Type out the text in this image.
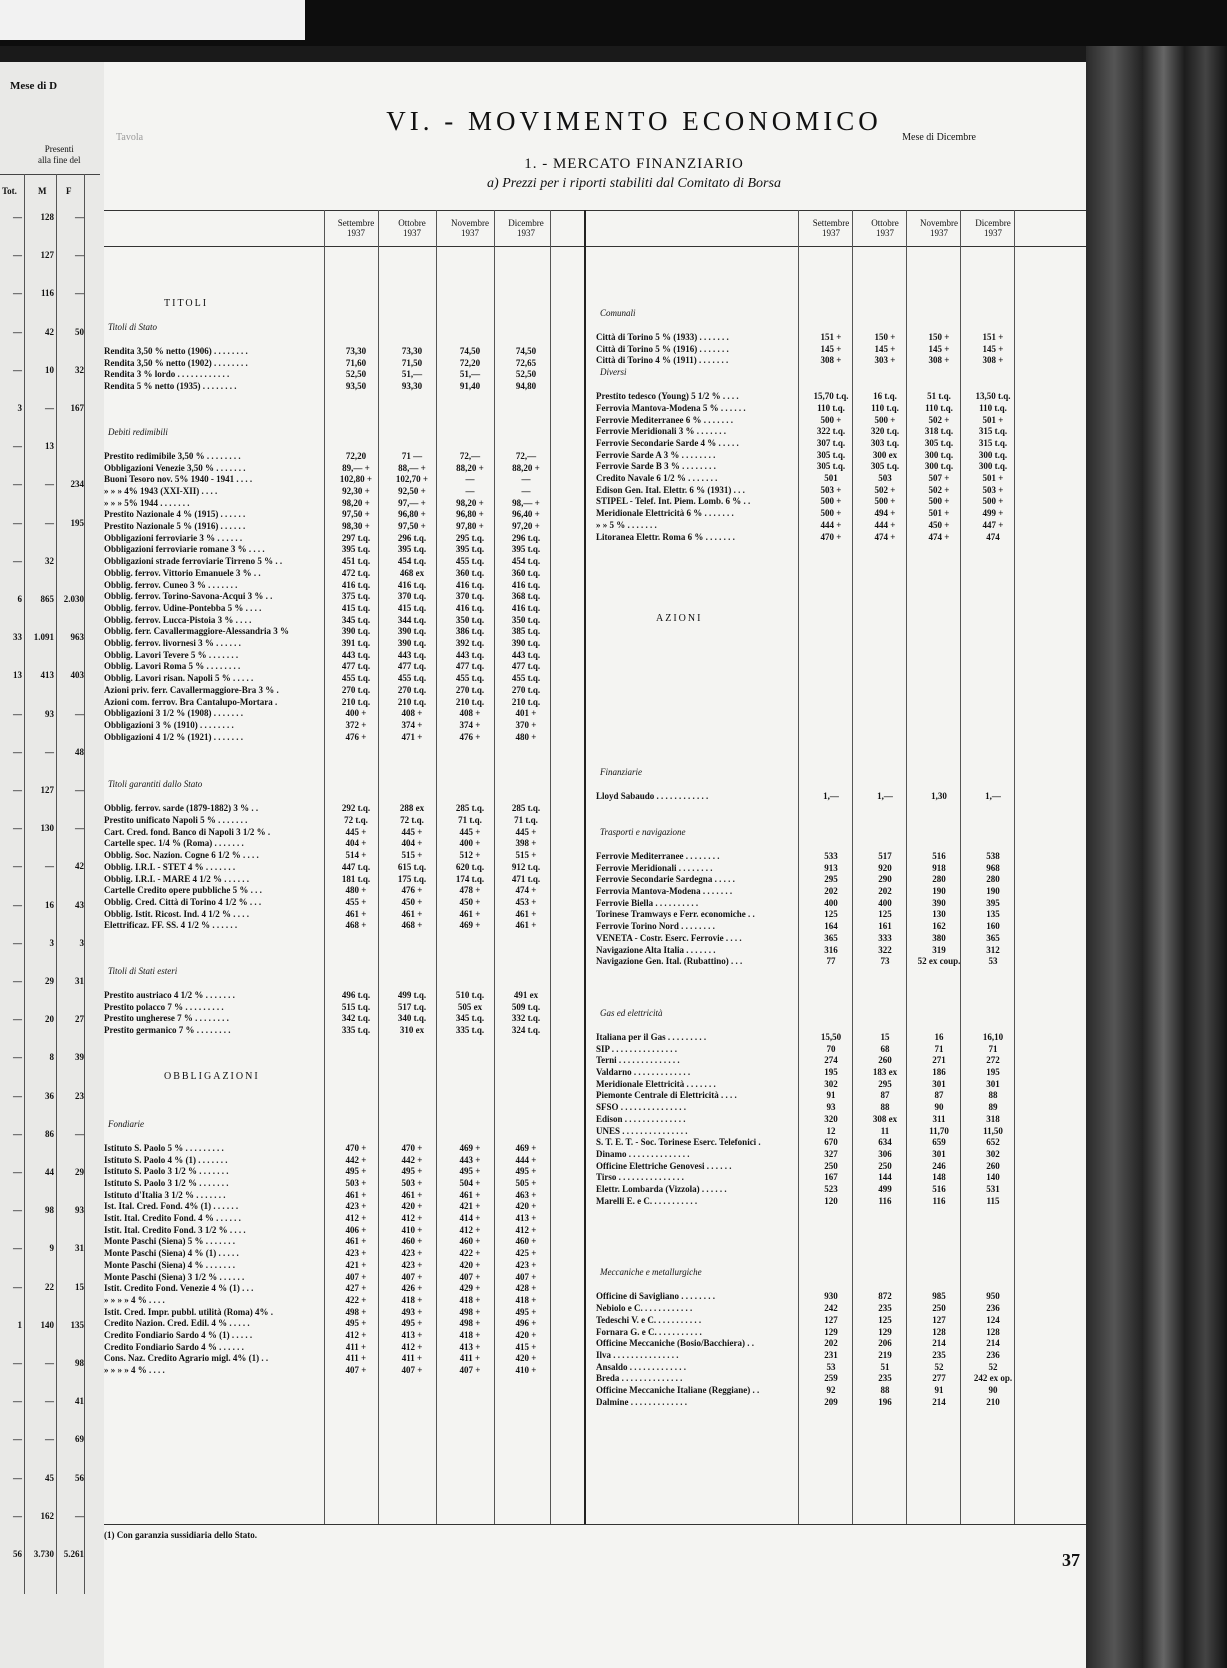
Mese di D
Presenti
alla fine del
Tot. M F
—	128	—
—	127	—
—	116	—
—	42	50
—	10	32
3	—	167
—	13
—	—	234
—	—	195
—	32
6	865	2.030
33	1.091	963
13	413	403
—	93	—
—	—	48
—	127	—
—	130	—
—	—	42
—	16	43
—	3	3
—	29	31
—	20	27
—	8	39
—	36	23
—	86	—
—	44	29
—	98	93
—	9	31
—	22	15
1	140	135
—	—	98
—	—	41
—	—	69
—	45	56
—	162	—
56	3.730	5.261
Tavola
VI. - MOVIMENTO ECONOMICO
Mese di Dicembre
1. - MERCATO FINANZIARIO
a) Prezzi per i riporti stabiliti dal Comitato di Borsa
Settembre
1937
Ottobre
1937
Novembre
1937
Dicembre
1937
Settembre
1937
Ottobre
1937
Novembre
1937
Dicembre
1937
TITOLI
Titoli di Stato
Rendita 3,50 % netto (1906) . . . . . . . .	73,30	73,30	74,50	74,50
Rendita 3,50 % netto (1902) . . . . . . . .	71,60	71,50	72,20	72,65
Rendita 3 % lordo . . . . . . . . . . . .	52,50	51,—	51,—	52,50
Rendita 5 % netto (1935) . . . . . . . .	93,50	93,30	91,40	94,80
Debiti redimibili
Prestito redimibile 3,50 % . . . . . . . .	72,20	71 —	72,—	72,—
Obbligazioni Venezie 3,50 % . . . . . . .	89,— +	88,— +	88,20 +	88,20 +
Buoni Tesoro nov. 5% 1940 - 1941 . . . .	102,80 +	102,70 +	—	—
» » » 4% 1943 (XXI-XII) . . . .	92,30 +	92,50 +	—	—
» » » 5% 1944 . . . . . . .	98,20 +	97,— +	98,20 +	98,— +
Prestito Nazionale 4 % (1915) . . . . . .	97,50 +	96,80 +	96,80 +	96,40 +
Prestito Nazionale 5 % (1916) . . . . . .	98,30 +	97,50 +	97,80 +	97,20 +
Obbligazioni ferroviarie 3 % . . . . . .	297 t.q.	296 t.q.	295 t.q.	296 t.q.
Obbligazioni ferroviarie romane 3 % . . . .	395 t.q.	395 t.q.	395 t.q.	395 t.q.
Obbligazioni strade ferroviarie Tirreno 5 % . .	451 t.q.	454 t.q.	455 t.q.	454 t.q.
Obblig. ferrov. Vittorio Emanuele 3 % . .	472 t.q.	468 ex	360 t.q.	360 t.q.
Obblig. ferrov. Cuneo 3 % . . . . . . .	416 t.q.	416 t.q.	416 t.q.	416 t.q.
Obblig. ferrov. Torino-Savona-Acqui 3 % . .	375 t.q.	370 t.q.	370 t.q.	368 t.q.
Obblig. ferrov. Udine-Pontebba 5 % . . . .	415 t.q.	415 t.q.	416 t.q.	416 t.q.
Obblig. ferrov. Lucca-Pistoia 3 % . . . .	345 t.q.	344 t.q.	350 t.q.	350 t.q.
Obblig. ferr. Cavallermaggiore-Alessandria 3 %	390 t.q.	390 t.q.	386 t.q.	385 t.q.
Obblig. ferrov. livornesi 3 % . . . . . .	391 t.q.	390 t.q.	392 t.q.	390 t.q.
Obblig. Lavori Tevere 5 % . . . . . . .	443 t.q.	443 t.q.	443 t.q.	443 t.q.
Obblig. Lavori Roma 5 % . . . . . . . .	477 t.q.	477 t.q.	477 t.q.	477 t.q.
Obblig. Lavori risan. Napoli 5 % . . . . .	455 t.q.	455 t.q.	455 t.q.	455 t.q.
Azioni priv. ferr. Cavallermaggiore-Bra 3 % .	270 t.q.	270 t.q.	270 t.q.	270 t.q.
Azioni com. ferrov. Bra Cantalupo-Mortara .	210 t.q.	210 t.q.	210 t.q.	210 t.q.
Obbligazioni 3 1/2 % (1908) . . . . . . .	400 +	408 +	408 +	401 +
Obbligazioni 3 % (1910) . . . . . . . .	372 +	374 +	374 +	370 +
Obbligazioni 4 1/2 % (1921) . . . . . . .	476 +	471 +	476 +	480 +
Titoli garantiti dallo Stato
Obblig. ferrov. sarde (1879-1882) 3 % . .	292 t.q.	288 ex	285 t.q.	285 t.q.
Prestito unificato Napoli 5 % . . . . . . .	72 t.q.	72 t.q.	71 t.q.	71 t.q.
Cart. Cred. fond. Banco di Napoli 3 1/2 % .	445 +	445 +	445 +	445 +
Cartelle spec. 1/4 % (Roma) . . . . . . .	404 +	404 +	400 +	398 +
Obblig. Soc. Nazion. Cogne 6 1/2 % . . . .	514 +	515 +	512 +	515 +
Obblig. I.R.I. - STET 4 % . . . . . . .	447 t.q.	615 t.q.	620 t.q.	912 t.q.
Obblig. I.R.I. - MARE 4 1/2 % . . . . . .	181 t.q.	175 t.q.	174 t.q.	471 t.q.
Cartelle Credito opere pubbliche 5 % . . .	480 +	476 +	478 +	474 +
Obblig. Cred. Città di Torino 4 1/2 % . . .	455 +	450 +	450 +	453 +
Obblig. Istit. Ricost. Ind. 4 1/2 % . . . .	461 +	461 +	461 +	461 +
Elettrificaz. FF. SS. 4 1/2 % . . . . . .	468 +	468 +	469 +	461 +
Titoli di Stati esteri
Prestito austriaco 4 1/2 % . . . . . . .	496 t.q.	499 t.q.	510 t.q.	491 ex
Prestito polacco 7 % . . . . . . . . .	515 t.q.	517 t.q.	505 ex	509 t.q.
Prestito ungherese 7 % . . . . . . . .	342 t.q.	340 t.q.	345 t.q.	332 t.q.
Prestito germanico 7 % . . . . . . . .	335 t.q.	310 ex	335 t.q.	324 t.q.
OBBLIGAZIONI
Fondiarie
Istituto S. Paolo 5 % . . . . . . . . .	470 +	470 +	469 +	469 +
Istituto S. Paolo 4 % (1) . . . . . . .	442 +	442 +	443 +	444 +
Istituto S. Paolo 3 1/2 % . . . . . . .	495 +	495 +	495 +	495 +
Istituto S. Paolo 3 1/2 % . . . . . . .	503 +	503 +	504 +	505 +
Istituto d'Italia 3 1/2 % . . . . . . .	461 +	461 +	461 +	463 +
Ist. Ital. Cred. Fond. 4% (1) . . . . . .	423 +	420 +	421 +	420 +
Istit. Ital. Credito Fond. 4 % . . . . . .	412 +	412 +	414 +	413 +
Istit. Ital. Credito Fond. 3 1/2 % . . . .	406 +	410 +	412 +	412 +
Monte Paschi (Siena) 5 % . . . . . . .	461 +	460 +	460 +	460 +
Monte Paschi (Siena) 4 % (1) . . . . .	423 +	423 +	422 +	425 +
Monte Paschi (Siena) 4 % . . . . . . .	421 +	423 +	420 +	423 +
Monte Paschi (Siena) 3 1/2 % . . . . . .	407 +	407 +	407 +	407 +
Istit. Credito Fond. Venezie 4 % (1) . . .	427 +	426 +	429 +	428 +
» » » » 4 % . . . .	422 +	418 +	418 +	418 +
Istit. Cred. Impr. pubbl. utilità (Roma) 4% .	498 +	493 +	498 +	495 +
Credito Nazion. Cred. Edil. 4 % . . . . .	495 +	495 +	498 +	496 +
Credito Fondiario Sardo 4 % (1) . . . . .	412 +	413 +	418 +	420 +
Credito Fondiario Sardo 4 % . . . . . .	411 +	412 +	413 +	415 +
Cons. Naz. Credito Agrario migl. 4% (1) . .	411 +	411 +	411 +	420 +
» » » » 4 % . . . .	407 +	407 +	407 +	410 +
Comunali
Città di Torino 5 % (1933) . . . . . . .	151 +	150 +	150 +	151 +
Città di Torino 5 % (1916) . . . . . . .	145 +	145 +	145 +	145 +
Città di Torino 4 % (1911) . . . . . . .	308 +	303 +	308 +	308 +
Diversi
Prestito tedesco (Young) 5 1/2 % . . . .	15,70 t.q.	16 t.q.	51 t.q.	13,50 t.q.
Ferrovia Mantova-Modena 5 % . . . . . .	110 t.q.	110 t.q.	110 t.q.	110 t.q.
Ferrovie Mediterranee 6 % . . . . . . .	500 +	500 +	502 +	501 +
Ferrovie Meridionali 3 % . . . . . . .	322 t.q.	320 t.q.	318 t.q.	315 t.q.
Ferrovie Secondarie Sarde 4 % . . . . .	307 t.q.	303 t.q.	305 t.q.	315 t.q.
Ferrovie Sarde A 3 % . . . . . . . .	305 t.q.	300 ex	300 t.q.	300 t.q.
Ferrovie Sarde B 3 % . . . . . . . .	305 t.q.	305 t.q.	300 t.q.	300 t.q.
Credito Navale 6 1/2 % . . . . . . .	501	503	507 +	501 +
Edison Gen. Ital. Elettr. 6 % (1931) . . .	503 +	502 +	502 +	503 +
STIPEL - Telef. Int. Piem. Lomb. 6 % . .	500 +	500 +	500 +	500 +
Meridionale Elettricità 6 % . . . . . . .	500 +	494 +	501 +	499 +
» » 5 % . . . . . . .	444 +	444 +	450 +	447 +
Litoranea Elettr. Roma 6 % . . . . . . .	470 +	474 +	474 +	474
AZIONI
Finanziarie
Lloyd Sabaudo . . . . . . . . . . . .	1,—	1,—	1,30	1,—
Trasporti e navigazione
Ferrovie Mediterranee . . . . . . . .	533	517	516	538
Ferrovie Meridionali . . . . . . . .	913	920	918	968
Ferrovie Secondarie Sardegna . . . . .	295	290	280	280
Ferrovia Mantova-Modena . . . . . . .	202	202	190	190
Ferrovie Biella . . . . . . . . . .	400	400	390	395
Torinese Tramways e Ferr. economiche . .	125	125	130	135
Ferrovie Torino Nord . . . . . . . .	164	161	162	160
VENETA - Costr. Eserc. Ferrovie . . . .	365	333	380	365
Navigazione Alta Italia . . . . . . .	316	322	319	312
Navigazione Gen. Ital. (Rubattino) . . .	77	73	52 ex coup.	53
Gas ed elettricità
Italiana per il Gas . . . . . . . . .	15,50	15	16	16,10
SIP . . . . . . . . . . . . . . .	70	68	71	71
Terni . . . . . . . . . . . . . .	274	260	271	272
Valdarno . . . . . . . . . . . . .	195	183 ex	186	195
Meridionale Elettricità . . . . . . .	302	295	301	301
Piemonte Centrale di Elettricità . . . .	91	87	87	88
SFSO . . . . . . . . . . . . . . .	93	88	90	89
Edison . . . . . . . . . . . . . .	320	308 ex	311	318
UNES . . . . . . . . . . . . . . .	12	11	11,70	11,50
S. T. E. T. - Soc. Torinese Eserc. Telefonici .	670	634	659	652
Dinamo . . . . . . . . . . . . . .	327	306	301	302
Officine Elettriche Genovesi . . . . . .	250	250	246	260
Tirso . . . . . . . . . . . . . . .	167	144	148	140
Elettr. Lombarda (Vizzola) . . . . . .	523	499	516	531
Marelli E. e C. . . . . . . . . . .	120	116	116	115
Meccaniche e metallurgiche
Officine di Savigliano . . . . . . . .	930	872	985	950
Nebiolo e C. . . . . . . . . . . .	242	235	250	236
Tedeschi V. e C. . . . . . . . . . .	127	125	127	124
Fornara G. e C. . . . . . . . . . .	129	129	128	128
Officine Meccaniche (Bosio/Bacchiera) . .	202	206	214	214
Ilva . . . . . . . . . . . . . . .	231	219	235	236
Ansaldo . . . . . . . . . . . . .	53	51	52	52
Breda . . . . . . . . . . . . . .	259	235	277	242 ex op.
Officine Meccaniche Italiane (Reggiane) . .	92	88	91	90
Dalmine . . . . . . . . . . . . .	209	196	214	210
(1) Con garanzia sussidiaria dello Stato.
37
